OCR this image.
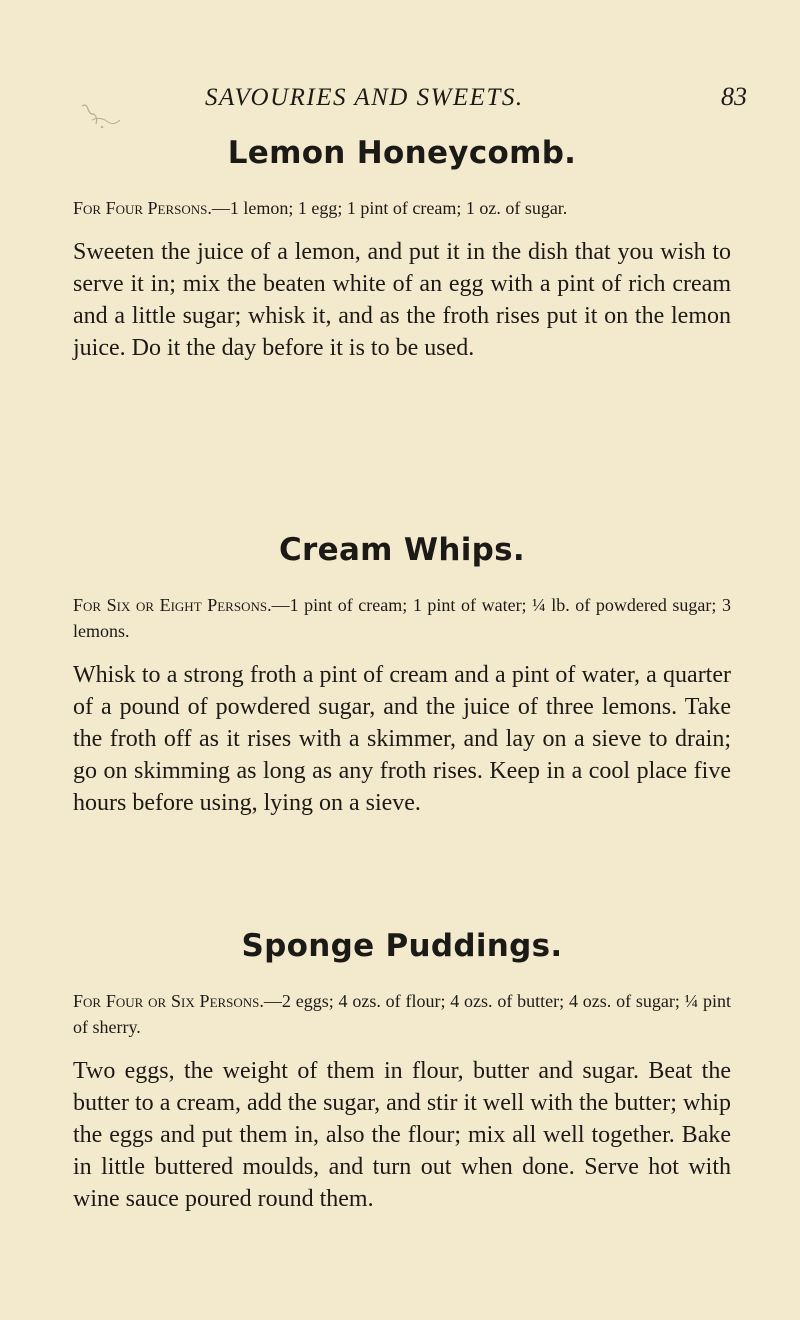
SAVOURIES AND SWEETS.	83
Lemon Honeycomb.

For Four Persons.—1 lemon; 1 egg; 1 pint of cream; 1 oz. of sugar.

Sweeten the juice of a lemon, and put it in the dish that you wish to serve it in; mix the beaten white of an egg with a pint of rich cream and a little sugar; whisk it, and as the froth rises put it on the lemon juice. Do it the day before it is to be used.

Cream Whips.

For Six or Eight Persons.—1 pint of cream; 1 pint of water; ¼ lb. of powdered sugar; 3 lemons.

Whisk to a strong froth a pint of cream and a pint of water, a quarter of a pound of powdered sugar, and the juice of three lemons. Take the froth off as it rises with a skimmer, and lay on a sieve to drain; go on skimming as long as any froth rises. Keep in a cool place five hours before using, lying on a sieve.

Sponge Puddings.

For Four or Six Persons.—2 eggs; 4 ozs. of flour; 4 ozs. of butter; 4 ozs. of sugar; ¼ pint of sherry.

Two eggs, the weight of them in flour, butter and sugar. Beat the butter to a cream, add the sugar, and stir it well with the butter; whip the eggs and put them in, also the flour; mix all well together. Bake in little buttered moulds, and turn out when done. Serve hot with wine sauce poured round them.
